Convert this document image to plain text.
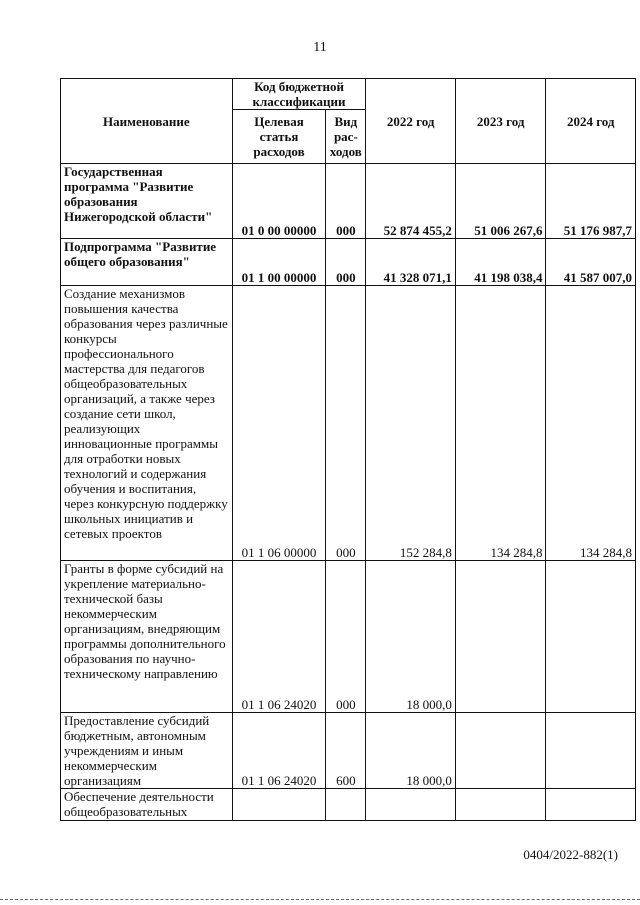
11
Наименование	Код бюджетной классификации		2022 год	2023 год	2024 год
	Целевая статья расходов	Вид рас-ходов			
Государственная программа "Развитие образования Нижегородской области"	01 0 00 00000	000	52 874 455,2	51 006 267,6	51 176 987,7
Подпрограмма "Развитие общего образования"	01 1 00 00000	000	41 328 071,1	41 198 038,4	41 587 007,0
Создание механизмов повышения качества образования через различные конкурсы профессионального мастерства для педагогов общеобразовательных организаций, а также через создание сети школ, реализующих инновационные программы для отработки новых технологий и содержания обучения и воспитания, через конкурсную поддержку школьных инициатив и сетевых проектов	01 1 06 00000	000	152 284,8	134 284,8	134 284,8
Гранты в форме субсидий на укрепление материально-технической базы некоммерческим организациям, внедряющим программы дополнительного образования по научно-техническому направлению	01 1 06 24020	000	18 000,0		
Предоставление субсидий бюджетным, автономным учреждениям и иным некоммерческим организациям	01 1 06 24020	600	18 000,0		
Обеспечение деятельности общеобразовательных					
0404/2022-882(1)
